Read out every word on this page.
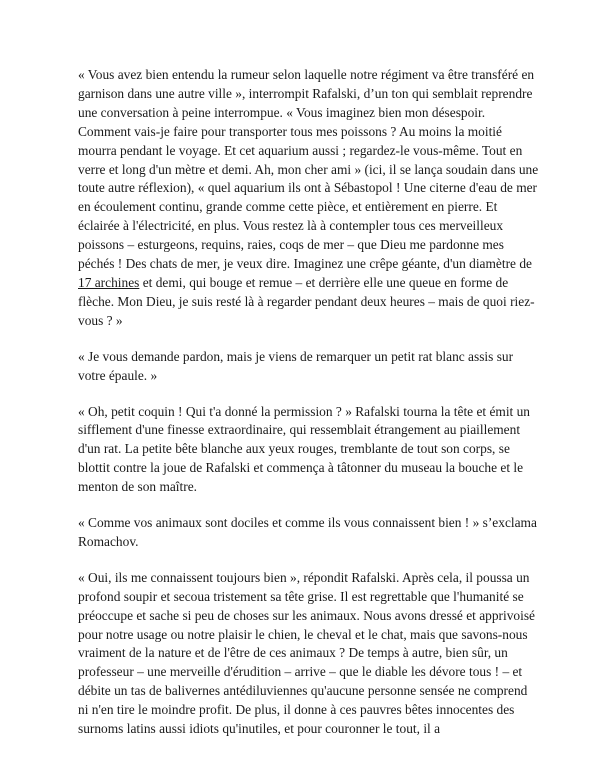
« Vous avez bien entendu la rumeur selon laquelle notre régiment va être transféré en garnison dans une autre ville », interrompit Rafalski, d’un ton qui semblait reprendre une conversation à peine interrompue. « Vous imaginez bien mon désespoir. Comment vais-je faire pour transporter tous mes poissons ? Au moins la moitié mourra pendant le voyage. Et cet aquarium aussi ; regardez-le vous-même. Tout en verre et long d'un mètre et demi. Ah, mon cher ami » (ici, il se lança soudain dans une toute autre réflexion), « quel aquarium ils ont à Sébastopol ! Une citerne d'eau de mer en écoulement continu, grande comme cette pièce, et entièrement en pierre. Et éclairée à l'électricité, en plus. Vous restez là à contempler tous ces merveilleux poissons – esturgeons, requins, raies, coqs de mer – que Dieu me pardonne mes péchés ! Des chats de mer, je veux dire. Imaginez une crêpe géante, d'un diamètre de 17 archines et demi, qui bouge et remue – et derrière elle une queue en forme de flèche. Mon Dieu, je suis resté là à regarder pendant deux heures – mais de quoi riez-vous ? »

« Je vous demande pardon, mais je viens de remarquer un petit rat blanc assis sur votre épaule. »

« Oh, petit coquin ! Qui t'a donné la permission ? » Rafalski tourna la tête et émit un sifflement d'une finesse extraordinaire, qui ressemblait étrangement au piaillement d'un rat. La petite bête blanche aux yeux rouges, tremblante de tout son corps, se blottit contre la joue de Rafalski et commença à tâtonner du museau la bouche et le menton de son maître.

« Comme vos animaux sont dociles et comme ils vous connaissent bien ! » s’exclama Romachov.

« Oui, ils me connaissent toujours bien », répondit Rafalski. Après cela, il poussa un profond soupir et secoua tristement sa tête grise. Il est regrettable que l'humanité se préoccupe et sache si peu de choses sur les animaux. Nous avons dressé et apprivoisé pour notre usage ou notre plaisir le chien, le cheval et le chat, mais que savons-nous vraiment de la nature et de l'être de ces animaux ? De temps à autre, bien sûr, un professeur – une merveille d'érudition – arrive – que le diable les dévore tous ! – et débite un tas de balivernes antédiluviennes qu'aucune personne sensée ne comprend ni n'en tire le moindre profit. De plus, il donne à ces pauvres bêtes innocentes des surnoms latins aussi idiots qu'inutiles, et pour couronner le tout, il a
